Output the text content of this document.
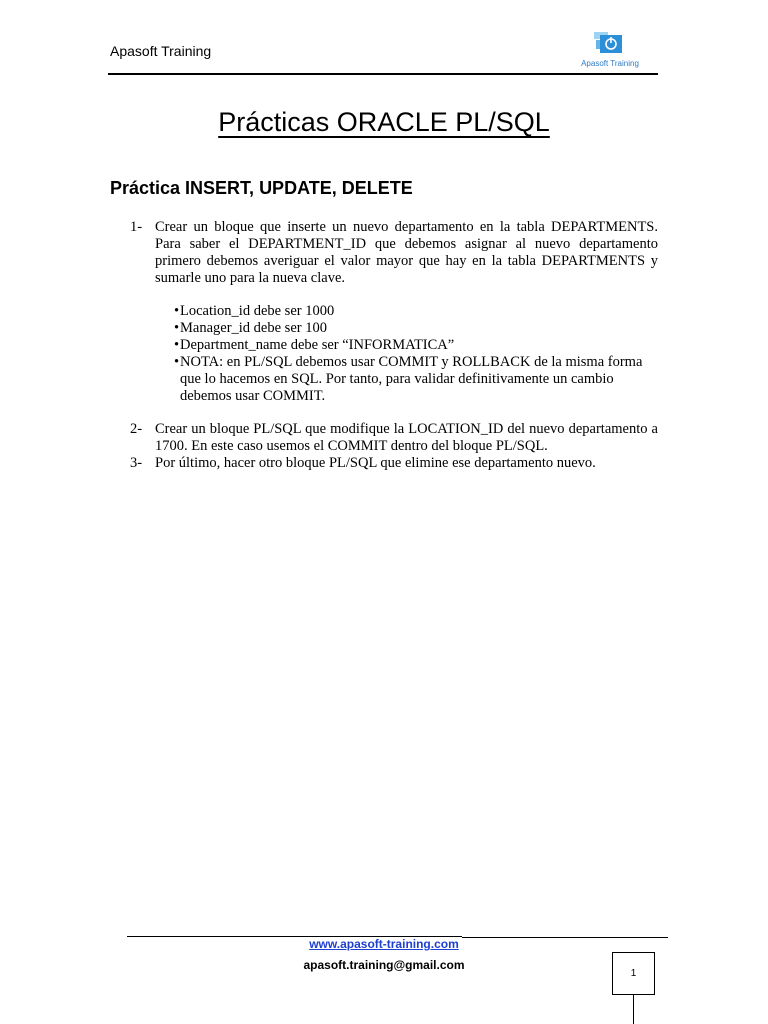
Apasoft Training
Apasoft Training
Prácticas ORACLE PL/SQL
Práctica INSERT, UPDATE, DELETE
1- Crear un bloque que inserte un nuevo departamento en la tabla DEPARTMENTS. Para saber el DEPARTMENT_ID que debemos asignar al nuevo departamento primero debemos averiguar el valor mayor que hay en la tabla DEPARTMENTS y sumarle uno para la nueva clave.
• Location_id debe ser 1000
• Manager_id debe ser 100
• Department_name debe ser “INFORMATICA”
• NOTA: en PL/SQL debemos usar COMMIT y ROLLBACK de la misma forma que lo hacemos en SQL. Por tanto, para validar definitivamente un cambio debemos usar COMMIT.
2- Crear un bloque PL/SQL que modifique la LOCATION_ID del nuevo departamento a 1700. En este caso usemos el COMMIT dentro del bloque PL/SQL.
3- Por último, hacer otro bloque PL/SQL que elimine ese departamento nuevo.
www.apasoft-training.com
apasoft.training@gmail.com
1
